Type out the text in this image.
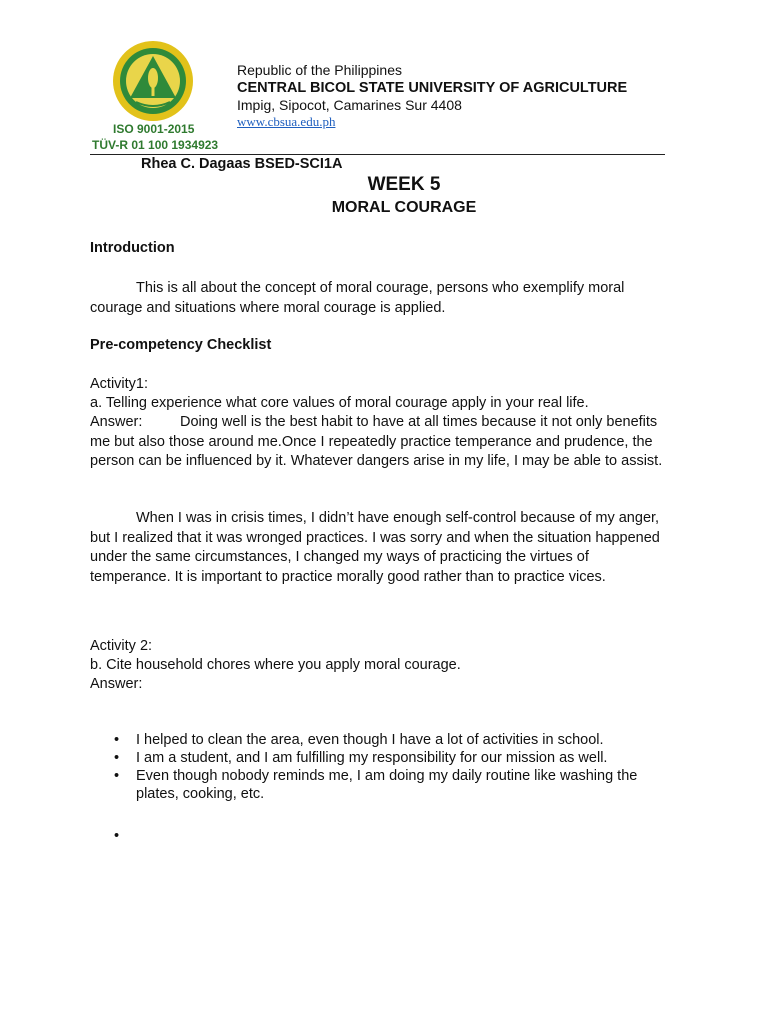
ISO 9001-2015
TÜV-R 01 100 1934923
Republic of the Philippines
CENTRAL BICOL STATE UNIVERSITY OF AGRICULTURE
Impig, Sipocot, Camarines Sur 4408
www.cbsua.edu.ph
Rhea C. Dagaas BSED-SCI1A
WEEK 5
MORAL COURAGE
Introduction
This is all about the concept of moral courage, persons who exemplify moral courage and situations where moral courage is applied.
Pre-competency Checklist
Activity1:
a. Telling experience what core values of moral courage apply in your real life.
Answer:	Doing well is the best habit to have at all times because it not only benefits me but also those around me.Once I repeatedly practice temperance and prudence, the person can be influenced by it. Whatever dangers arise in my life, I may be able to assist.
When I was in crisis times, I didn’t have enough self-control because of my anger, but I realized that it was wronged practices. I was sorry and when the situation happened under the same circumstances, I changed my ways of practicing the virtues of temperance. It is important to practice morally good rather than to practice vices.
Activity 2:
b. Cite household chores where you apply moral courage.
Answer:
• I helped to clean the area, even though I have a lot of activities in school.
• I am a student, and I am fulfilling my responsibility for our mission as well.
• Even though nobody reminds me, I am doing my daily routine like washing the plates, cooking, etc.
•
